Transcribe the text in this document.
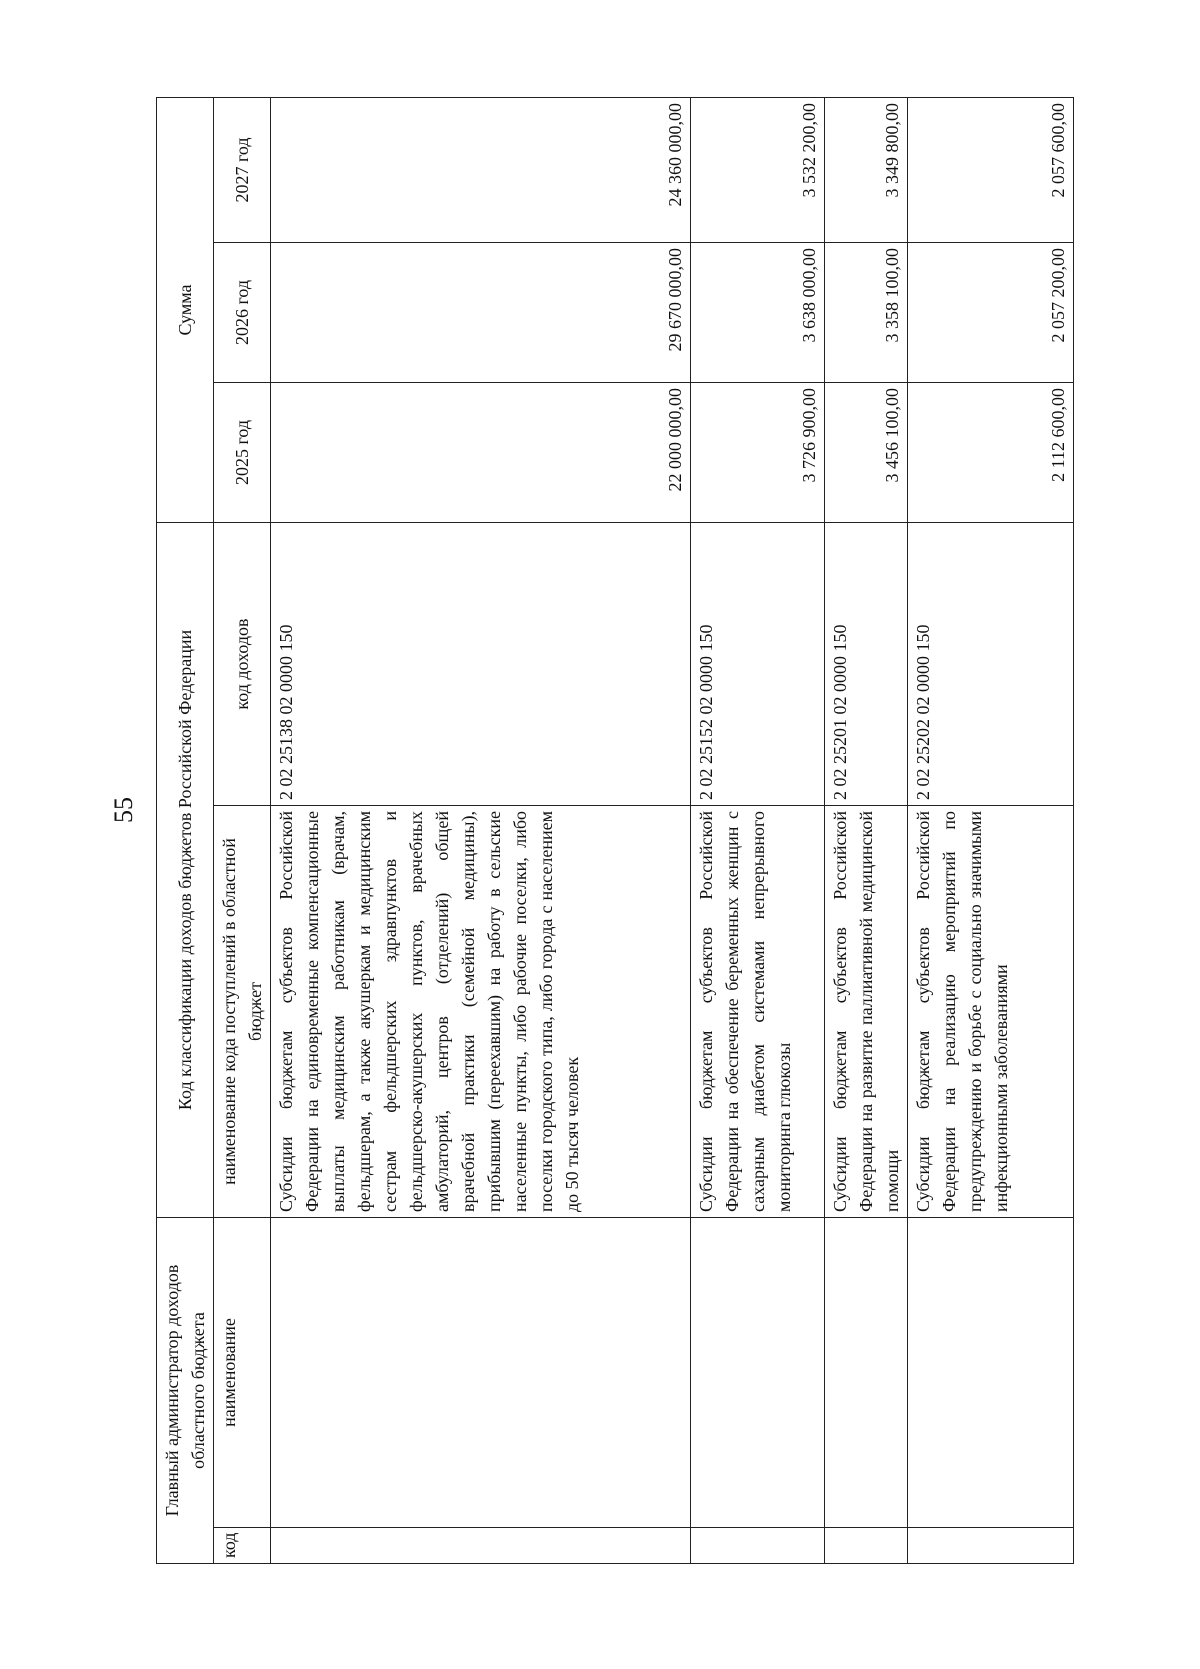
55
Главный администратор доходов областного бюджета		Код классификации доходов бюджетов Российской Федерации		Сумма		
код	наименование	наименование кода поступлений в областной бюджет	код доходов	2025 год	2026 год	2027 год
		Субсидии бюджетам субъектов Российской Федерации на единовременные компенсационные выплаты медицинским работникам (врачам, фельдшерам, а также акушеркам и медицинским сестрам фельдшерских здравпунктов и фельдшерско-акушерских пунктов, врачебных амбулаторий, центров (отделений) общей врачебной практики (семейной медицины), прибывшим (переехавшим) на работу в сельские населенные пункты, либо рабочие поселки, либо поселки городского типа, либо города с населением до 50 тысяч человек	2 02 25138 02 0000 150	22 000 000,00	29 670 000,00	24 360 000,00
		Субсидии бюджетам субъектов Российской Федерации на обеспечение беременных женщин с сахарным диабетом системами непрерывного мониторинга глюкозы	2 02 25152 02 0000 150	3 726 900,00	3 638 000,00	3 532 200,00
		Субсидии бюджетам субъектов Российской Федерации на развитие паллиативной медицинской помощи	2 02 25201 02 0000 150	3 456 100,00	3 358 100,00	3 349 800,00
		Субсидии бюджетам субъектов Российской Федерации на реализацию мероприятий по предупреждению и борьбе с социально значимыми инфекционными заболеваниями	2 02 25202 02 0000 150	2 112 600,00	2 057 200,00	2 057 600,00
